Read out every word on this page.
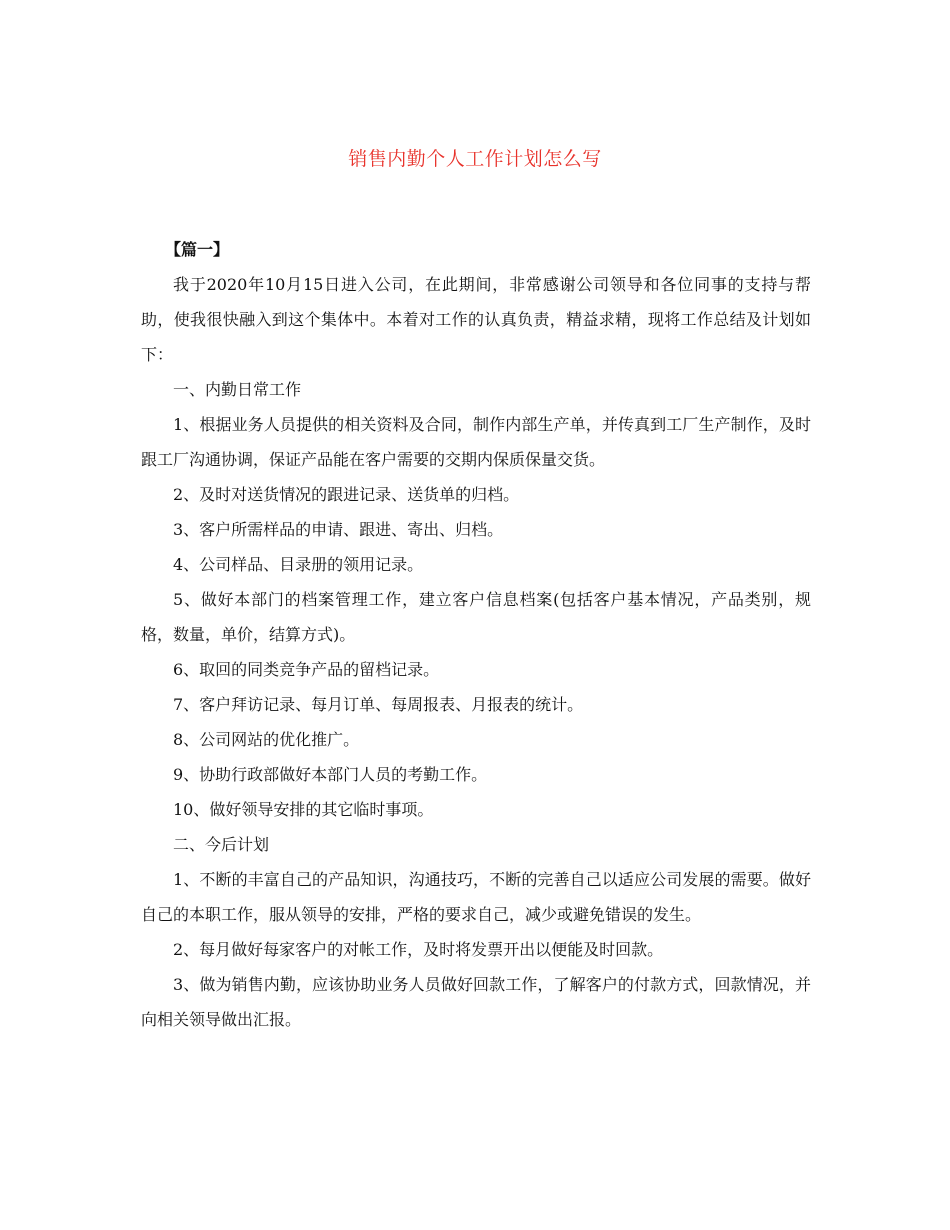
销售内勤个人工作计划怎么写

【篇一】

我于2020年10月15日进入公司，在此期间，非常感谢公司领导和各位同事的支持与帮助，使我很快融入到这个集体中。本着对工作的认真负责，精益求精，现将工作总结及计划如下：

一、内勤日常工作

1、根据业务人员提供的相关资料及合同，制作内部生产单，并传真到工厂生产制作，及时跟工厂沟通协调，保证产品能在客户需要的交期内保质保量交货。

2、及时对送货情况的跟进记录、送货单的归档。

3、客户所需样品的申请、跟进、寄出、归档。

4、公司样品、目录册的领用记录。

5、做好本部门的档案管理工作，建立客户信息档案(包括客户基本情况，产品类别，规格，数量，单价，结算方式)。

6、取回的同类竞争产品的留档记录。

7、客户拜访记录、每月订单、每周报表、月报表的统计。

8、公司网站的优化推广。

9、协助行政部做好本部门人员的考勤工作。

10、做好领导安排的其它临时事项。

二、今后计划

1、不断的丰富自己的产品知识，沟通技巧，不断的完善自己以适应公司发展的需要。做好自己的本职工作，服从领导的安排，严格的要求自己，减少或避免错误的发生。

2、每月做好每家客户的对帐工作，及时将发票开出以便能及时回款。

3、做为销售内勤，应该协助业务人员做好回款工作，了解客户的付款方式，回款情况，并向相关领导做出汇报。
